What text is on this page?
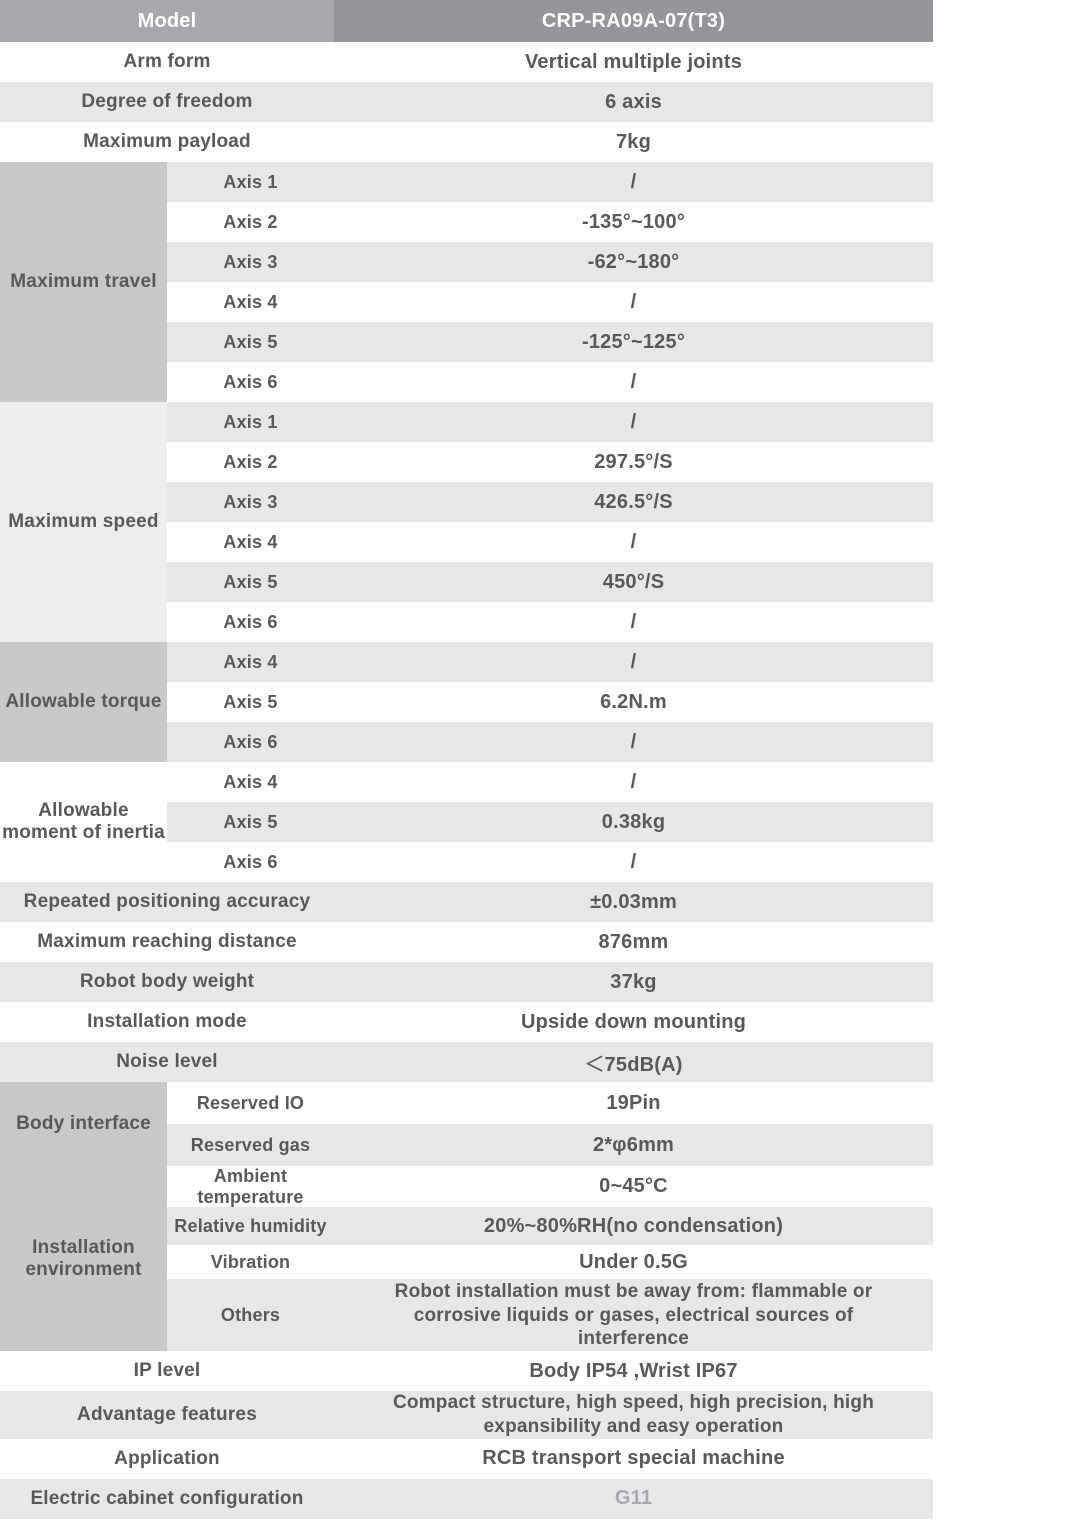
Model		CRP-RA09A-07(T3)	
Arm form		Vertical multiple joints	
Degree of freedom		6 axis	
Maximum payload		7kg	
Maximum travel	Axis 1	/	
	Axis 2	-135°~100°	
	Axis 3	-62°~180°	
	Axis 4	/	
	Axis 5	-125°~125°	
	Axis 6	/	
Maximum speed	Axis 1	/	
	Axis 2	297.5°/S	
	Axis 3	426.5°/S	
	Axis 4	/	
	Axis 5	450°/S	
	Axis 6	/	
Allowable torque	Axis 4	/	
	Axis 5	6.2N.m	
	Axis 6	/	
Allowable moment of inertia	Axis 4	/	
	Axis 5	0.38kg	
	Axis 6	/	
Repeated positioning accuracy		±0.03mm	
Maximum reaching distance		876mm	
Robot body weight		37kg	
Installation mode		Upside down mounting	
Noise level		＜75dB(A)	
Body interface	Reserved IO	19Pin	
	Reserved gas	2*φ6mm	
Installation environment	Ambient temperature	0~45°C	
	Relative humidity	20%~80%RH(no condensation)	
	Vibration	Under 0.5G	
	Others	Robot installation must be away from: flammable or corrosive liquids or gases, electrical sources of interference	
IP level		Body IP54 ,Wrist IP67	
Advantage features		Compact structure, high speed, high precision, high expansibility and easy operation	
Application		RCB transport special machine	
Electric cabinet configuration		G11	
